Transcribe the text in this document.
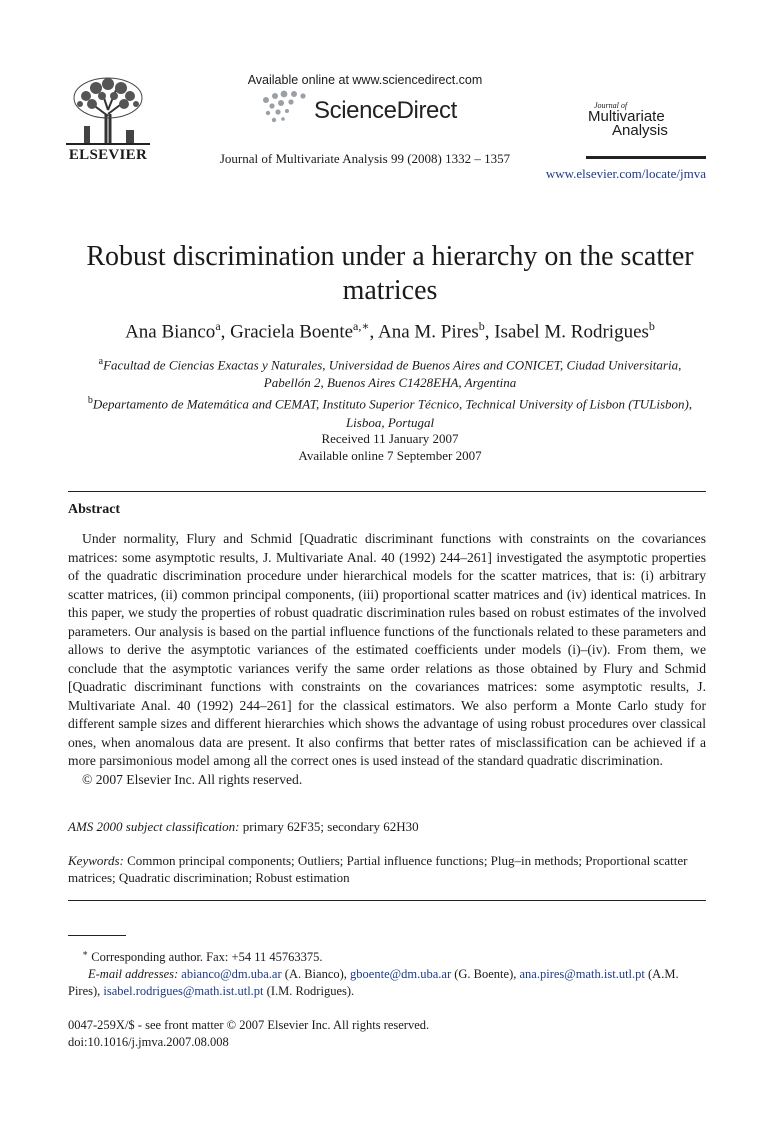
ELSEVIER
Available online at www.sciencedirect.com
ScienceDirect
Journal of Multivariate Analysis 99 (2008) 1332 – 1357
Journal of
Multivariate
Analysis
www.elsevier.com/locate/jmva
Robust discrimination under a hierarchy on the scatter matrices
Ana Bianco$^a$, Graciela Boente$^{a,∗}$, Ana M. Pires$^b$, Isabel M. Rodrigues$^b$
$^a$Facultad de Ciencias Exactas y Naturales, Universidad de Buenos Aires and CONICET, Ciudad Universitaria,
Pabellón 2, Buenos Aires C1428EHA, Argentina
$^b$Departamento de Matemática and CEMAT, Instituto Superior Técnico, Technical University of Lisbon (TULisbon),
Lisboa, Portugal
Received 11 January 2007
Available online 7 September 2007
Abstract

Under normality, Flury and Schmid [Quadratic discriminant functions with constraints on the covariances matrices: some asymptotic results, J. Multivariate Anal. 40 (1992) 244–261] investigated the asymptotic properties of the quadratic discrimination procedure under hierarchical models for the scatter matrices, that is: (i) arbitrary scatter matrices, (ii) common principal components, (iii) proportional scatter matrices and (iv) identical matrices. In this paper, we study the properties of robust quadratic discrimination rules based on robust estimates of the involved parameters. Our analysis is based on the partial influence functions of the functionals related to these parameters and allows to derive the asymptotic variances of the estimated coefficients under models (i)–(iv). From them, we conclude that the asymptotic variances verify the same order relations as those obtained by Flury and Schmid [Quadratic discriminant functions with constraints on the covariances matrices: some asymptotic results, J. Multivariate Anal. 40 (1992) 244–261] for the classical estimators. We also perform a Monte Carlo study for different sample sizes and different hierarchies which shows the advantage of using robust procedures over classical ones, when anomalous data are present. It also confirms that better rates of misclassification can be achieved if a more parsimonious model among all the correct ones is used instead of the standard quadratic discrimination.

© 2007 Elsevier Inc. All rights reserved.

AMS 2000 subject classification: primary 62F35; secondary 62H30
Keywords: Common principal components; Outliers; Partial influence functions; Plug–in methods; Proportional scatter matrices; Quadratic discrimination; Robust estimation

∗ Corresponding author. Fax: +54 11 45763375.

E-mail addresses: abianco@dm.uba.ar (A. Bianco), gboente@dm.uba.ar (G. Boente), ana.pires@math.ist.utl.pt (A.M. Pires), isabel.rodrigues@math.ist.utl.pt (I.M. Rodrigues).

0047-259X/$ - see front matter © 2007 Elsevier Inc. All rights reserved.

doi:10.1016/j.jmva.2007.08.008
